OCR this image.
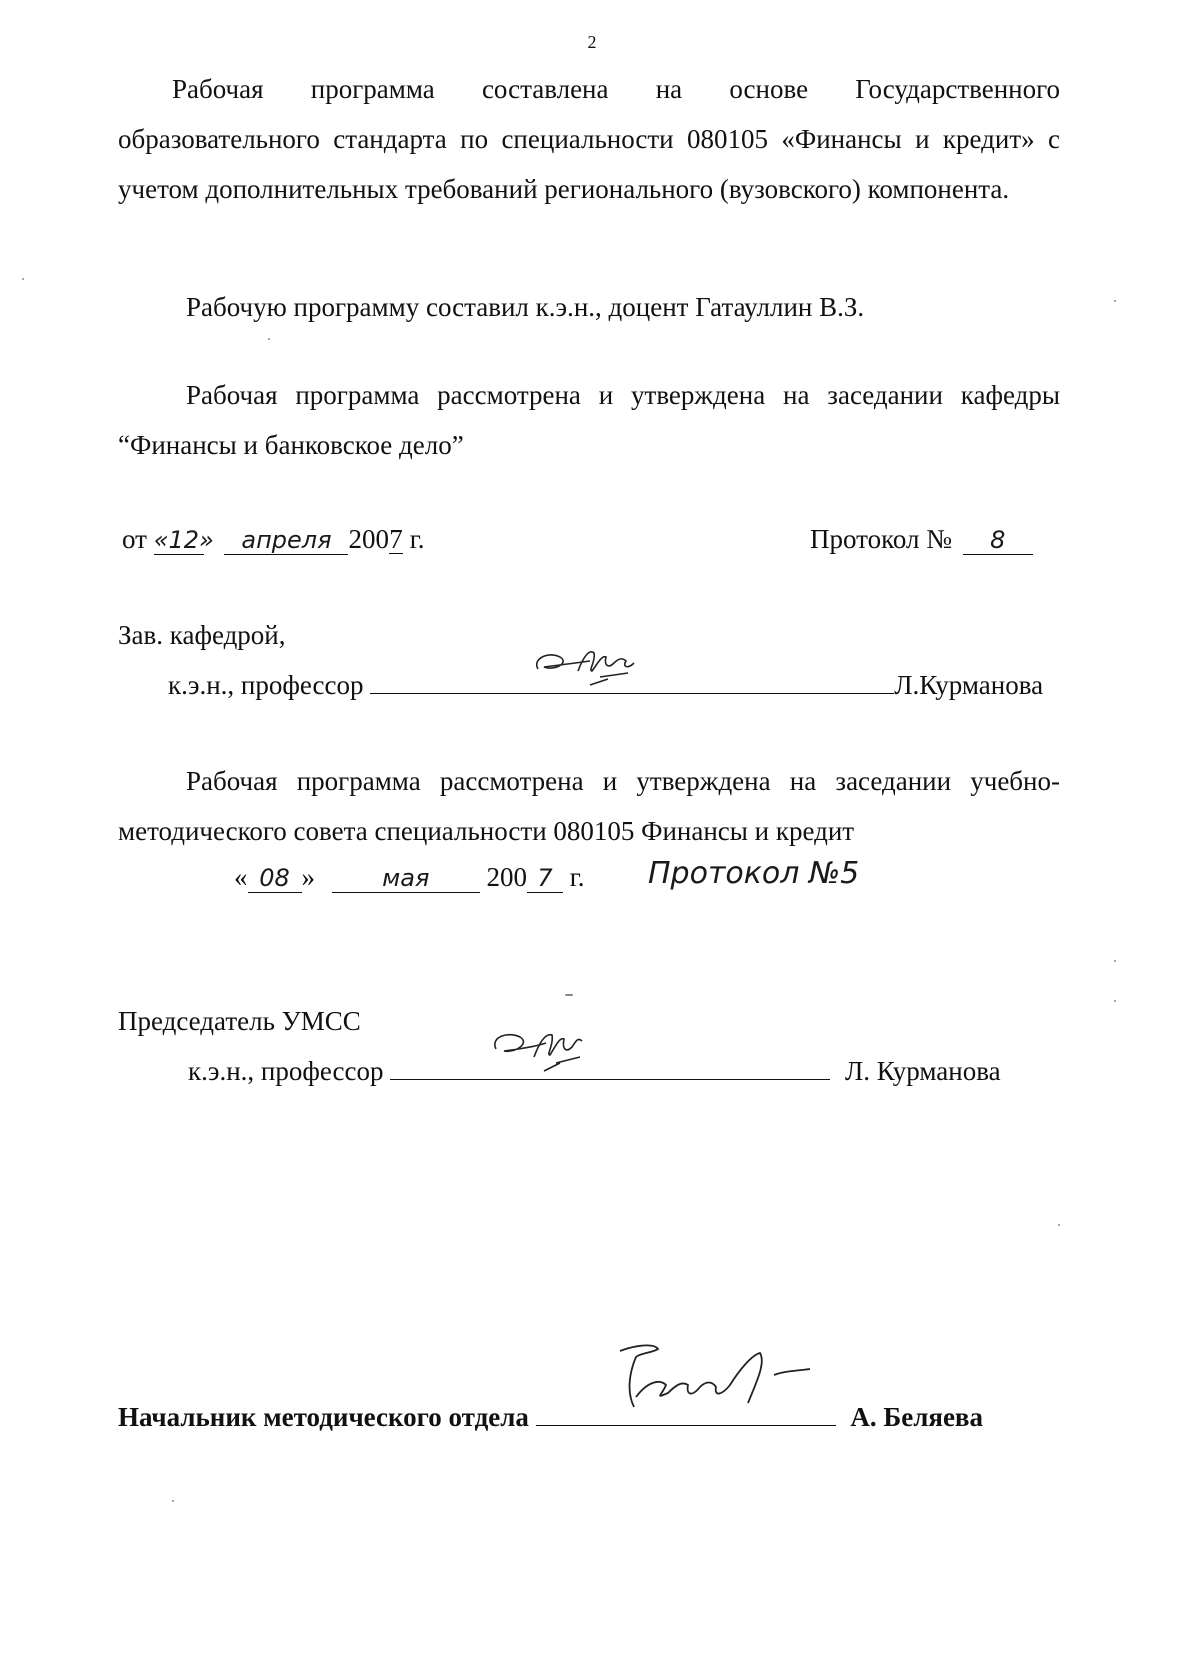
2
Рабочая программа составлена на основе Государственного
образовательного стандарта по специальности 080105 «Финансы и кредит» с учетом дополнительных требований регионального (вузовского) компонента.
Рабочую программу составил к.э.н., доцент Гатауллин В.З.
Рабочая программа рассмотрена и утверждена на заседании кафедры
“Финансы и банковское дело”
от «12» апреля 2007 г.	Протокол № 8
Зав. кафедрой,
к.э.н., профессор	Л.Курманова
Рабочая программа рассмотрена и утверждена на заседании учебно-
методического совета специальности 080105 Финансы и кредит
« 08 »	мая 200 7 г. Протокол №5
Председатель УМСС
к.э.н., профессор	Л. Курманова
Начальник методического отдела	А. Беляева
